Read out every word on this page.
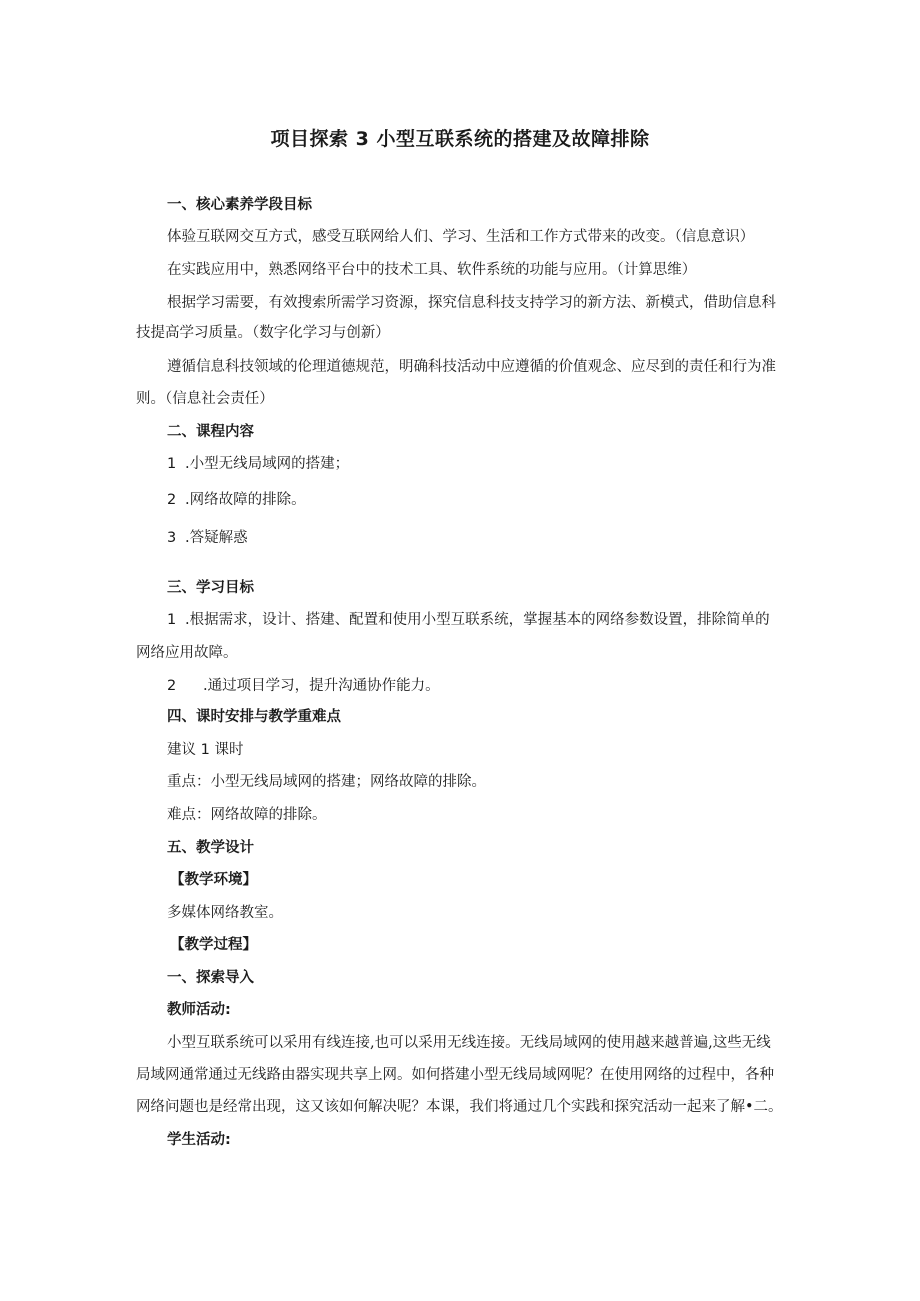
项目探索 3 小型互联系统的搭建及故障排除

一、核心素养学段目标

体验互联网交互方式，感受互联网给人们、学习、生活和工作方式带来的改变。（信息意识）

在实践应用中，熟悉网络平台中的技术工具、软件系统的功能与应用。（计算思维）

根据学习需要，有效搜索所需学习资源，探究信息科技支持学习的新方法、新模式，借助信息科

技提高学习质量。（数字化学习与创新）

遵循信息科技领域的伦理道德规范，明确科技活动中应遵循的价值观念、应尽到的责任和行为准

则。（信息社会责任）

二、课程内容

1 .小型无线局域网的搭建；

2 .网络故障的排除。

3 .答疑解惑

三、学习目标

1 .根据需求，设计、搭建、配置和使用小型互联系统，掌握基本的网络参数设置，排除简单的

网络应用故障。

2 .通过项目学习，提升沟通协作能力。

四、课时安排与教学重难点

建议 1 课时

重点：小型无线局域网的搭建；网络故障的排除。

难点：网络故障的排除。

五、教学设计

【教学环境】

多媒体网络教室。

【教学过程】

一、探索导入

教师活动:

小型互联系统可以采用有线连接,也可以采用无线连接。无线局域网的使用越来越普遍,这些无线

局域网通常通过无线路由器实现共享上网。如何搭建小型无线局域网呢？在使用网络的过程中，各种

网络问题也是经常出现，这又该如何解决呢？本课，我们将通过几个实践和探究活动一起来了解•二。

学生活动:
